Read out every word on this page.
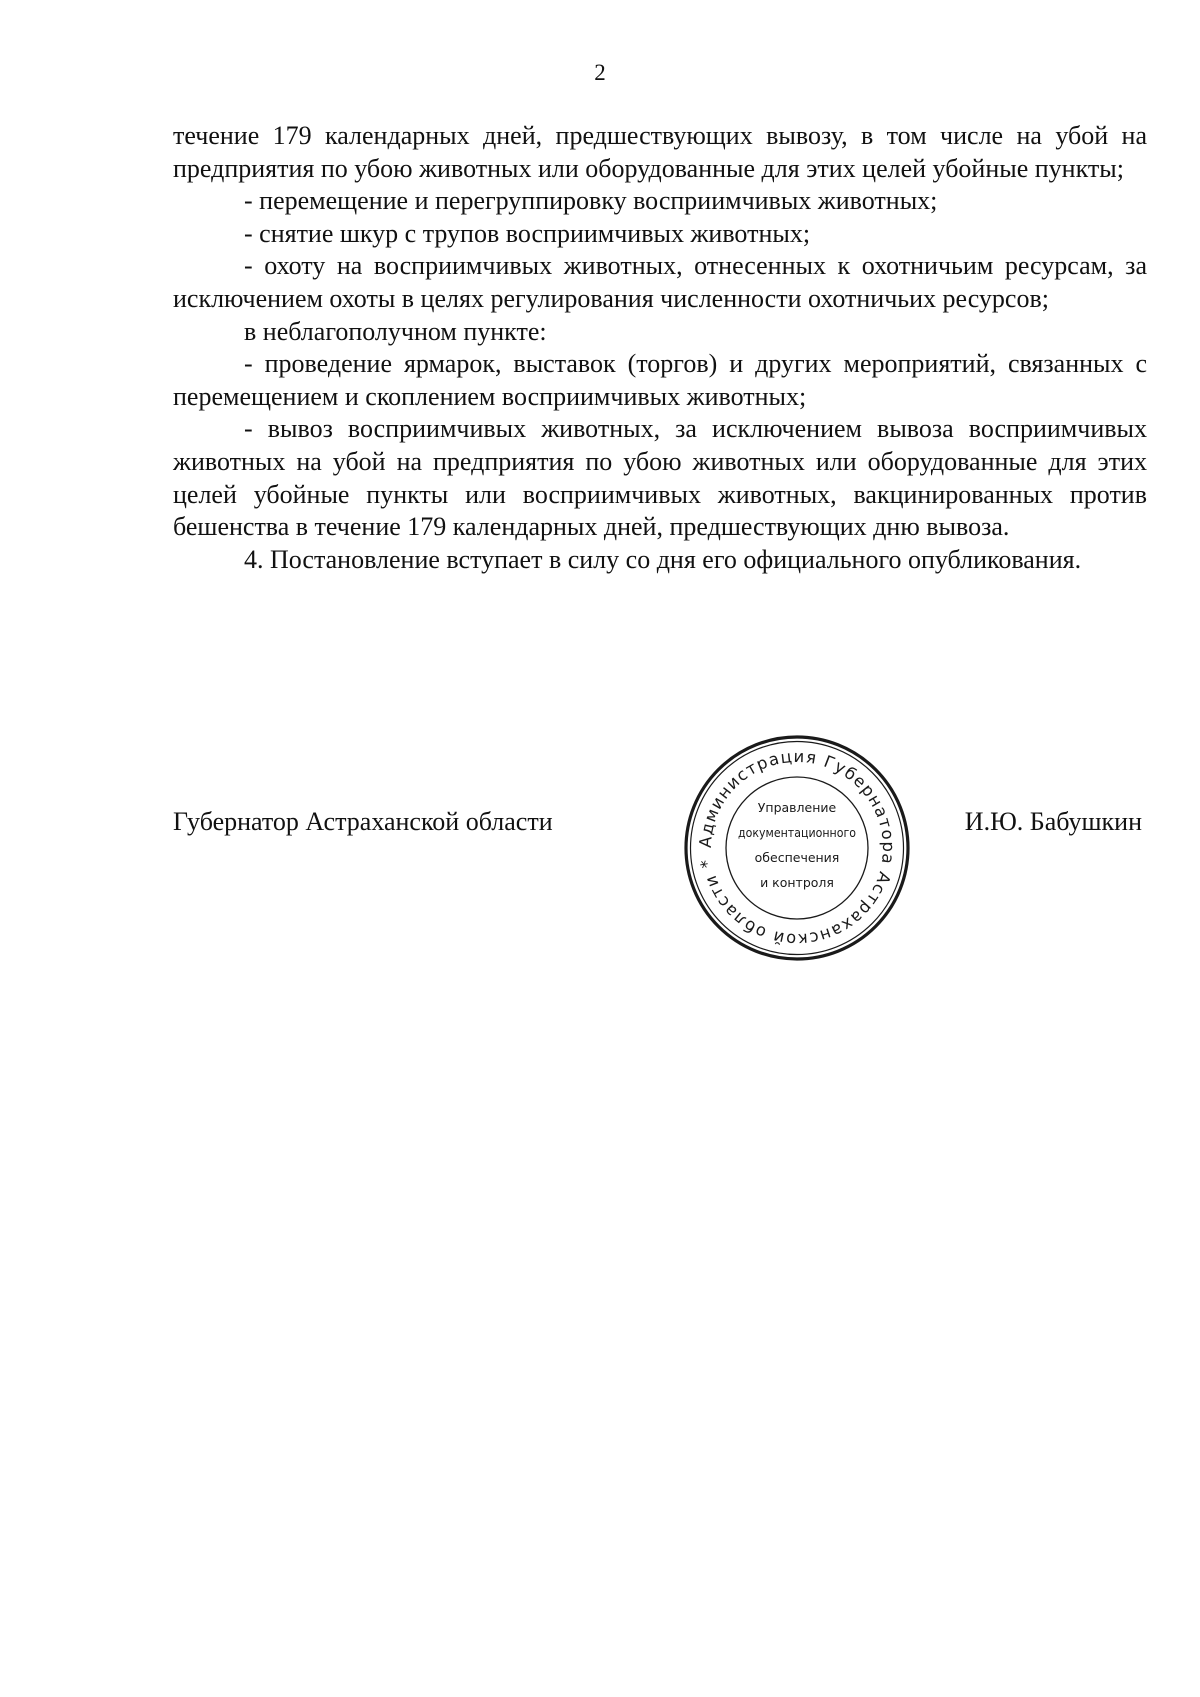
2

течение 179 календарных дней, предшествующих вывозу, в том числе на убой на предприятия по убою животных или оборудованные для этих целей убойные пункты;

- перемещение и перегруппировку восприимчивых животных;

- снятие шкур с трупов восприимчивых животных;

- охоту на восприимчивых животных, отнесенных к охотничьим ресурсам, за исключением охоты в целях регулирования численности охотничьих ресурсов;

в неблагополучном пункте:

- проведение ярмарок, выставок (торгов) и других мероприятий, связанных с перемещением и скоплением восприимчивых животных;

- вывоз восприимчивых животных, за исключением вывоза восприимчивых животных на убой на предприятия по убою животных или оборудованные для этих целей убойные пункты или восприимчивых животных, вакцинированных против бешенства в течение 179 календарных дней, предшествующих дню вывоза.

4. Постановление вступает в силу со дня его официального опубликования.

Губернатор Астраханской области	И.Ю. Бабушкин
Администрация Губернатора Астраханской области *
Управление
документационного
обеспечения
и контроля
